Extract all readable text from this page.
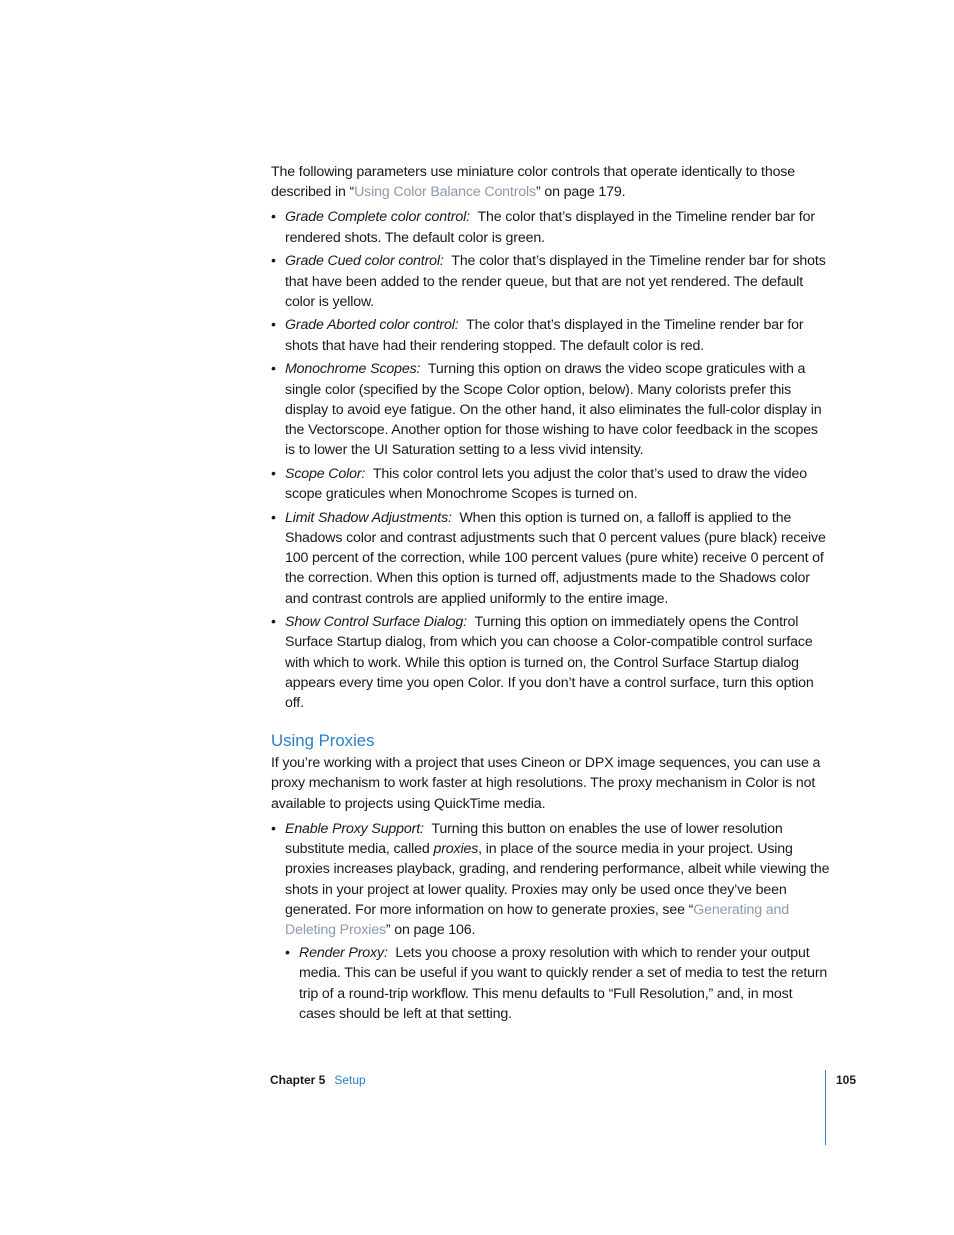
The following parameters use miniature color controls that operate identically to those described in “Using Color Balance Controls” on page 179.

• Grade Complete color control: The color that’s displayed in the Timeline render bar for rendered shots. The default color is green.
• Grade Cued color control: The color that’s displayed in the Timeline render bar for shots that have been added to the render queue, but that are not yet rendered. The default color is yellow.
• Grade Aborted color control: The color that’s displayed in the Timeline render bar for shots that have had their rendering stopped. The default color is red.
• Monochrome Scopes: Turning this option on draws the video scope graticules with a single color (specified by the Scope Color option, below). Many colorists prefer this display to avoid eye fatigue. On the other hand, it also eliminates the full-color display in the Vectorscope. Another option for those wishing to have color feedback in the scopes is to lower the UI Saturation setting to a less vivid intensity.
• Scope Color: This color control lets you adjust the color that’s used to draw the video scope graticules when Monochrome Scopes is turned on.
• Limit Shadow Adjustments: When this option is turned on, a falloff is applied to the Shadows color and contrast adjustments such that 0 percent values (pure black) receive 100 percent of the correction, while 100 percent values (pure white) receive 0 percent of the correction. When this option is turned off, adjustments made to the Shadows color and contrast controls are applied uniformly to the entire image.
• Show Control Surface Dialog: Turning this option on immediately opens the Control Surface Startup dialog, from which you can choose a Color-compatible control surface with which to work. While this option is turned on, the Control Surface Startup dialog appears every time you open Color. If you don’t have a control surface, turn this option off.
Using Proxies

If you’re working with a project that uses Cineon or DPX image sequences, you can use a proxy mechanism to work faster at high resolutions. The proxy mechanism in Color is not available to projects using QuickTime media.

• Enable Proxy Support: Turning this button on enables the use of lower resolution substitute media, called proxies, in place of the source media in your project. Using proxies increases playback, grading, and rendering performance, albeit while viewing the shots in your project at lower quality. Proxies may only be used once they’ve been generated. For more information on how to generate proxies, see “Generating and Deleting Proxies” on page 106.
• Render Proxy: Lets you choose a proxy resolution with which to render your output media. This can be useful if you want to quickly render a set of media to test the return trip of a round-trip workflow. This menu defaults to “Full Resolution,” and, in most cases should be left at that setting.
Chapter 5 Setup	105
